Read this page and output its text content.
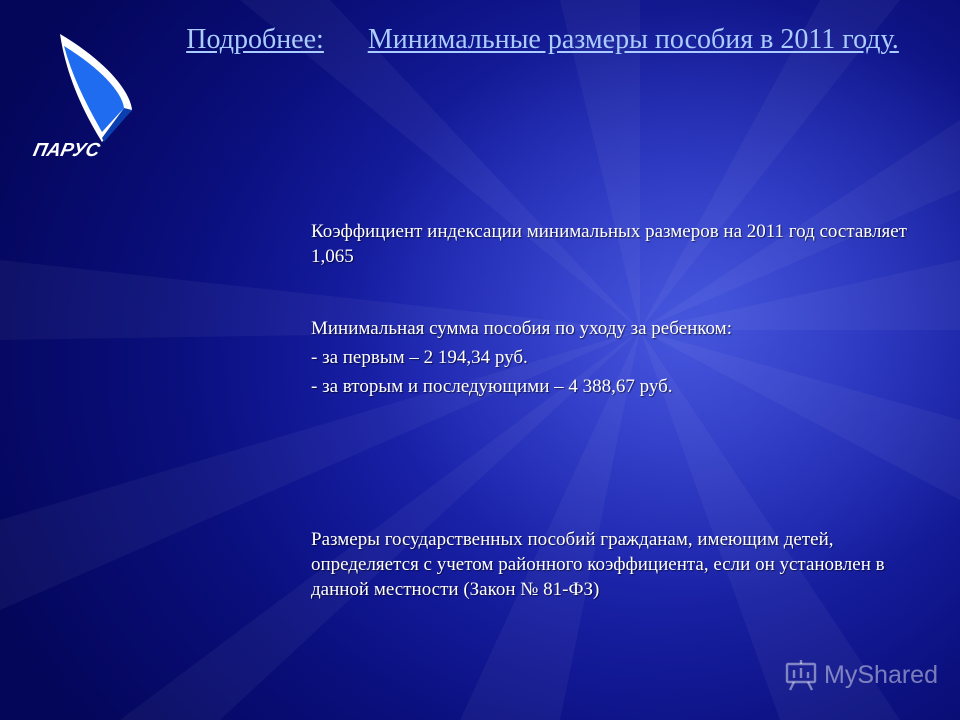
ПАРУС
Подробнее: Минимальные размеры пособия в 2011 году.
Коэффициент индексации минимальных размеров на 2011 год составляет 1,065
Минимальная сумма пособия по уходу за ребенком:
- за первым – 2 194,34 руб.
- за вторым и последующими – 4 388,67 руб.
Размеры государственных пособий гражданам, имеющим детей, определяется с учетом районного коэффициента, если он установлен в данной местности (Закон № 81-ФЗ)
MyShared
